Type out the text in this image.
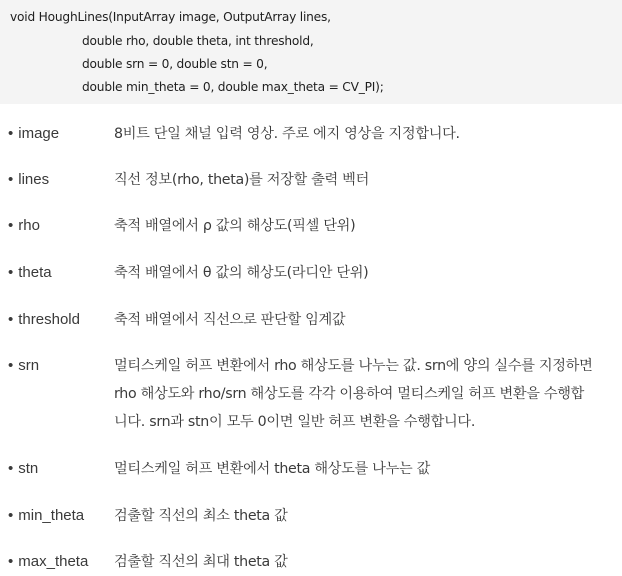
void HoughLines(InputArray image, OutputArray lines,
double rho, double theta, int threshold,
double srn = 0, double stn = 0,
double min_theta = 0, double max_theta = CV_PI);
• image	8비트 단일 채널 입력 영상. 주로 에지 영상을 지정합니다.
• lines	직선 정보(rho, theta)를 저장할 출력 벡터
• rho	축적 배열에서 ρ 값의 해상도(픽셀 단위)
• theta	축적 배열에서 θ 값의 해상도(라디안 단위)
• threshold 축적 배열에서 직선으로 판단할 임계값
• srn	멀티스케일 허프 변환에서 rho 해상도를 나누는 값. srn에 양의 실수를 지정하면
rho 해상도와 rho/srn 해상도를 각각 이용하여 멀티스케일 허프 변환을 수행합
니다. srn과 stn이 모두 0이면 일반 허프 변환을 수행합니다.
• stn	멀티스케일 허프 변환에서 theta 해상도를 나누는 값
• min_theta 검출할 직선의 최소 theta 값
• max_theta 검출할 직선의 최대 theta 값
